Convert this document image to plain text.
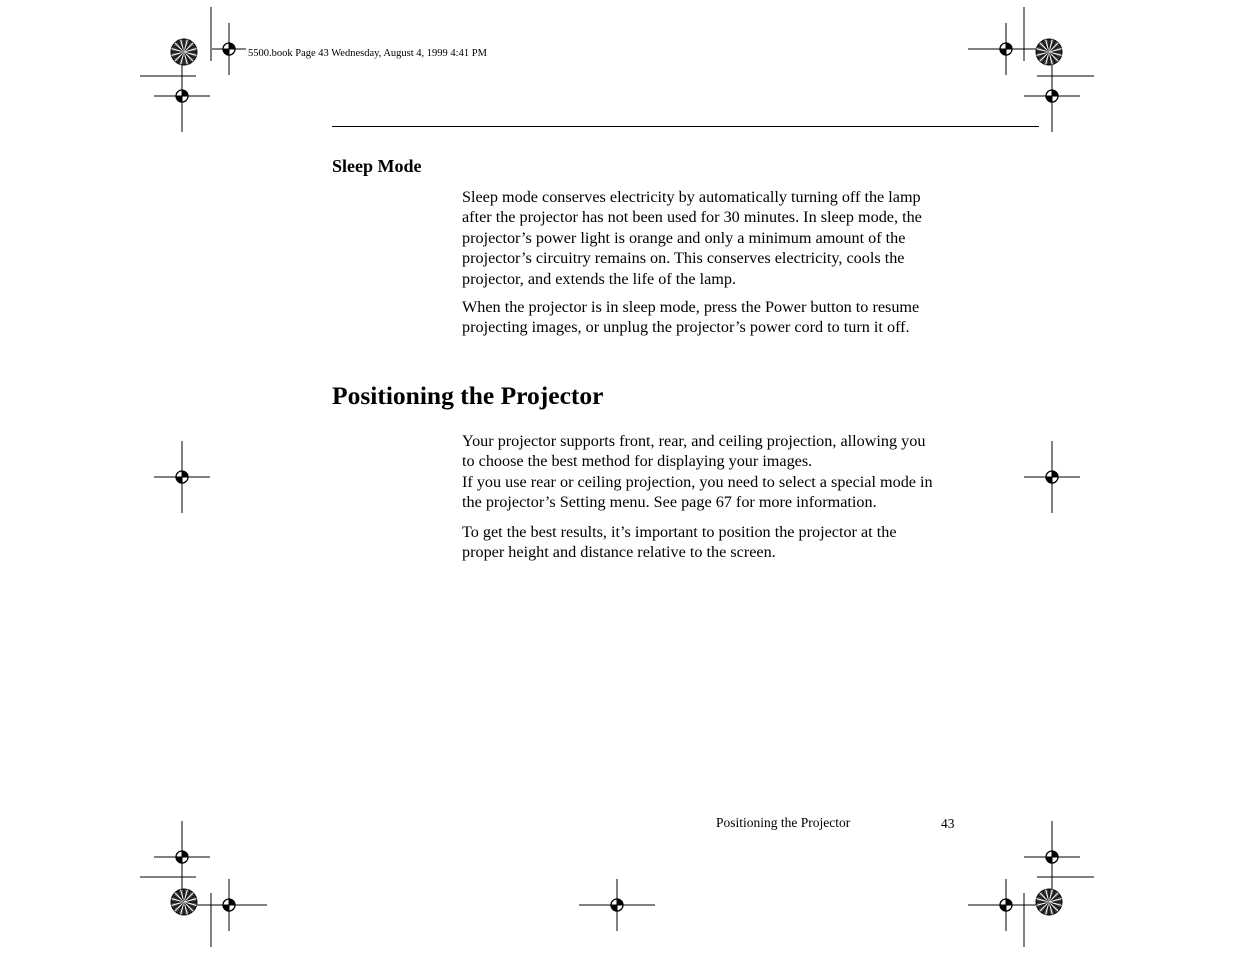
5500.book Page 43 Wednesday, August 4, 1999 4:41 PM
Sleep Mode

Sleep mode conserves electricity by automatically turning off the lamp after the projector has not been used for 30 minutes. In sleep mode, the projector’s power light is orange and only a minimum amount of the projector’s circuitry remains on. This conserves electricity, cools the projector, and extends the life of the lamp.

When the projector is in sleep mode, press the Power button to resume projecting images, or unplug the projector’s power cord to turn it off.

Positioning the Projector

Your projector supports front, rear, and ceiling projection, allowing you to choose the best method for displaying your images.

If you use rear or ceiling projection, you need to select a special mode in the projector’s Setting menu. See page 67 for more information.

To get the best results, it’s important to position the projector at the proper height and distance relative to the screen.

Positioning the Projector	43
